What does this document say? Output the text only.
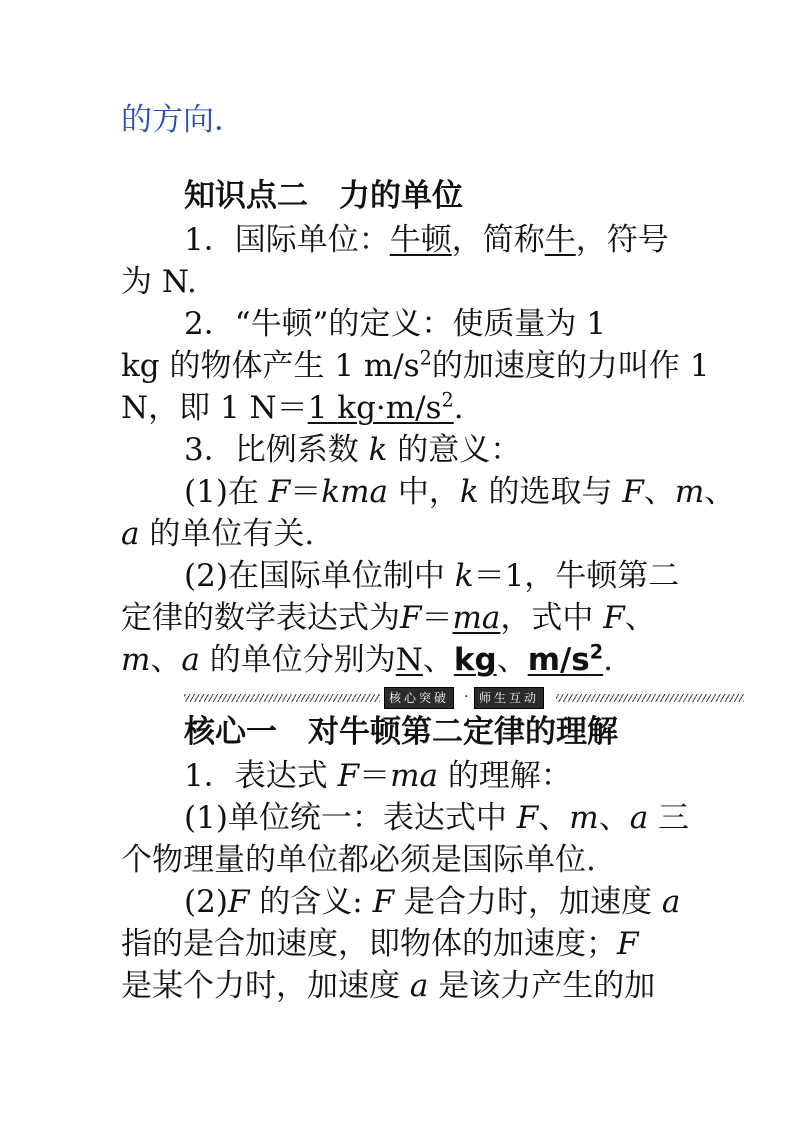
的方向．
知识点二　力的单位
1．国际单位：牛顿，简称牛，符号
为 N.
2．“牛顿”的定义：使质量为 1
kg 的物体产生 1 $m/s^2$的加速度的力叫作 1
N，即 1 N＝1 $kg\cdot m/s^2$.
3．比例系数 k 的意义：
(1)在 F＝kma 中，k 的选取与 F、m、
a 的单位有关.
(2)在国际单位制中 k＝1，牛顿第二
定律的数学表达式为F＝ma，式中 F、
m、a 的单位分别为N、kg、$m/s^2$.
核心突破	· 师生互动
核心一　对牛顿第二定律的理解
1．表达式 F＝ma 的理解：
(1)单位统一：表达式中 F、m、a 三
个物理量的单位都必须是国际单位.
(2)F 的含义: F 是合力时，加速度 a
指的是合加速度，即物体的加速度；F
是某个力时，加速度 a 是该力产生的加
